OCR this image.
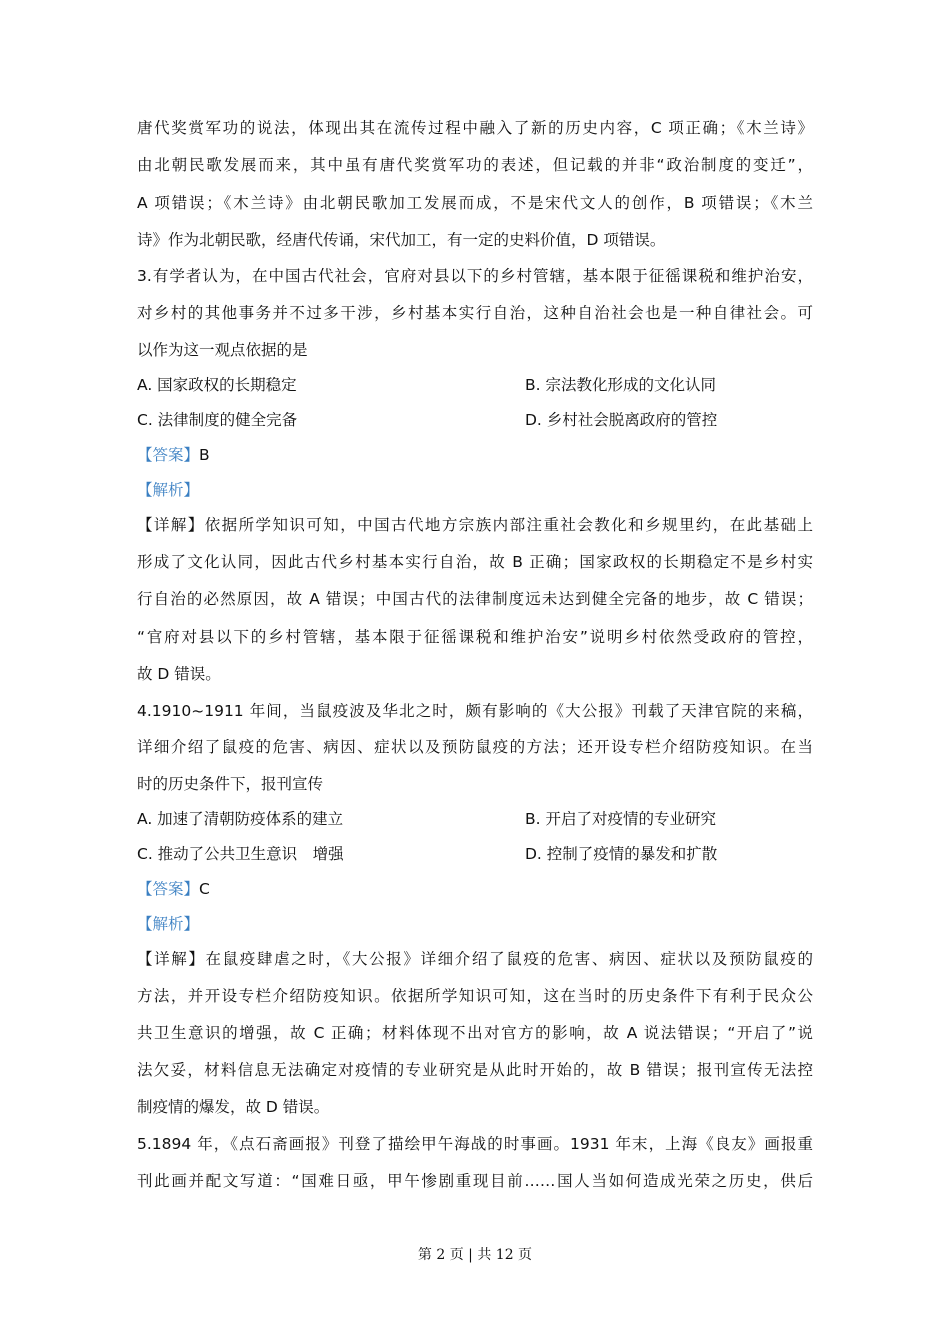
唐代奖赏军功的说法，体现出其在流传过程中融入了新的历史内容，C 项正确；《木兰诗》
由北朝民歌发展而来，其中虽有唐代奖赏军功的表述，但记载的并非“政治制度的变迁”，
A 项错误；《木兰诗》由北朝民歌加工发展而成，不是宋代文人的创作，B 项错误；《木兰
诗》作为北朝民歌，经唐代传诵，宋代加工，有一定的史料价值，D 项错误。
3.有学者认为，在中国古代社会，官府对县以下的乡村管辖，基本限于征徭课税和维护治安，
对乡村的其他事务并不过多干涉，乡村基本实行自治，这种自治社会也是一种自律社会。可
以作为这一观点依据的是
A. 国家政权的长期稳定	B. 宗法教化形成的文化认同
C. 法律制度的健全完备	D. 乡村社会脱离政府的管控
【答案】B
【解析】
【详解】依据所学知识可知，中国古代地方宗族内部注重社会教化和乡规里约，在此基础上
形成了文化认同，因此古代乡村基本实行自治，故 B 正确；国家政权的长期稳定不是乡村实
行自治的必然原因，故 A 错误；中国古代的法律制度远未达到健全完备的地步，故 C 错误；
“官府对县以下的乡村管辖，基本限于征徭课税和维护治安”说明乡村依然受政府的管控，
故 D 错误。
4.1910~1911 年间，当鼠疫波及华北之时，颇有影响的《大公报》刊载了天津官院的来稿，
详细介绍了鼠疫的危害、病因、症状以及预防鼠疫的方法；还开设专栏介绍防疫知识。在当
时的历史条件下，报刊宣传
A. 加速了清朝防疫体系的建立	B. 开启了对疫情的专业研究
C. 推动了公共卫生意识　增强	D. 控制了疫情的暴发和扩散
【答案】C
【解析】
【详解】在鼠疫肆虐之时，《大公报》详细介绍了鼠疫的危害、病因、症状以及预防鼠疫的
方法，并开设专栏介绍防疫知识。依据所学知识可知，这在当时的历史条件下有利于民众公
共卫生意识的增强，故 C 正确；材料体现不出对官方的影响，故 A 说法错误；“开启了”说
法欠妥，材料信息无法确定对疫情的专业研究是从此时开始的，故 B 错误；报刊宣传无法控
制疫情的爆发，故 D 错误。
5.1894 年，《点石斋画报》刊登了描绘甲午海战的时事画。1931 年末，上海《良友》画报重
刊此画并配文写道：“国难日亟，甲午惨剧重现目前……国人当如何造成光荣之历史，供后
第 2 页 | 共 12 页
